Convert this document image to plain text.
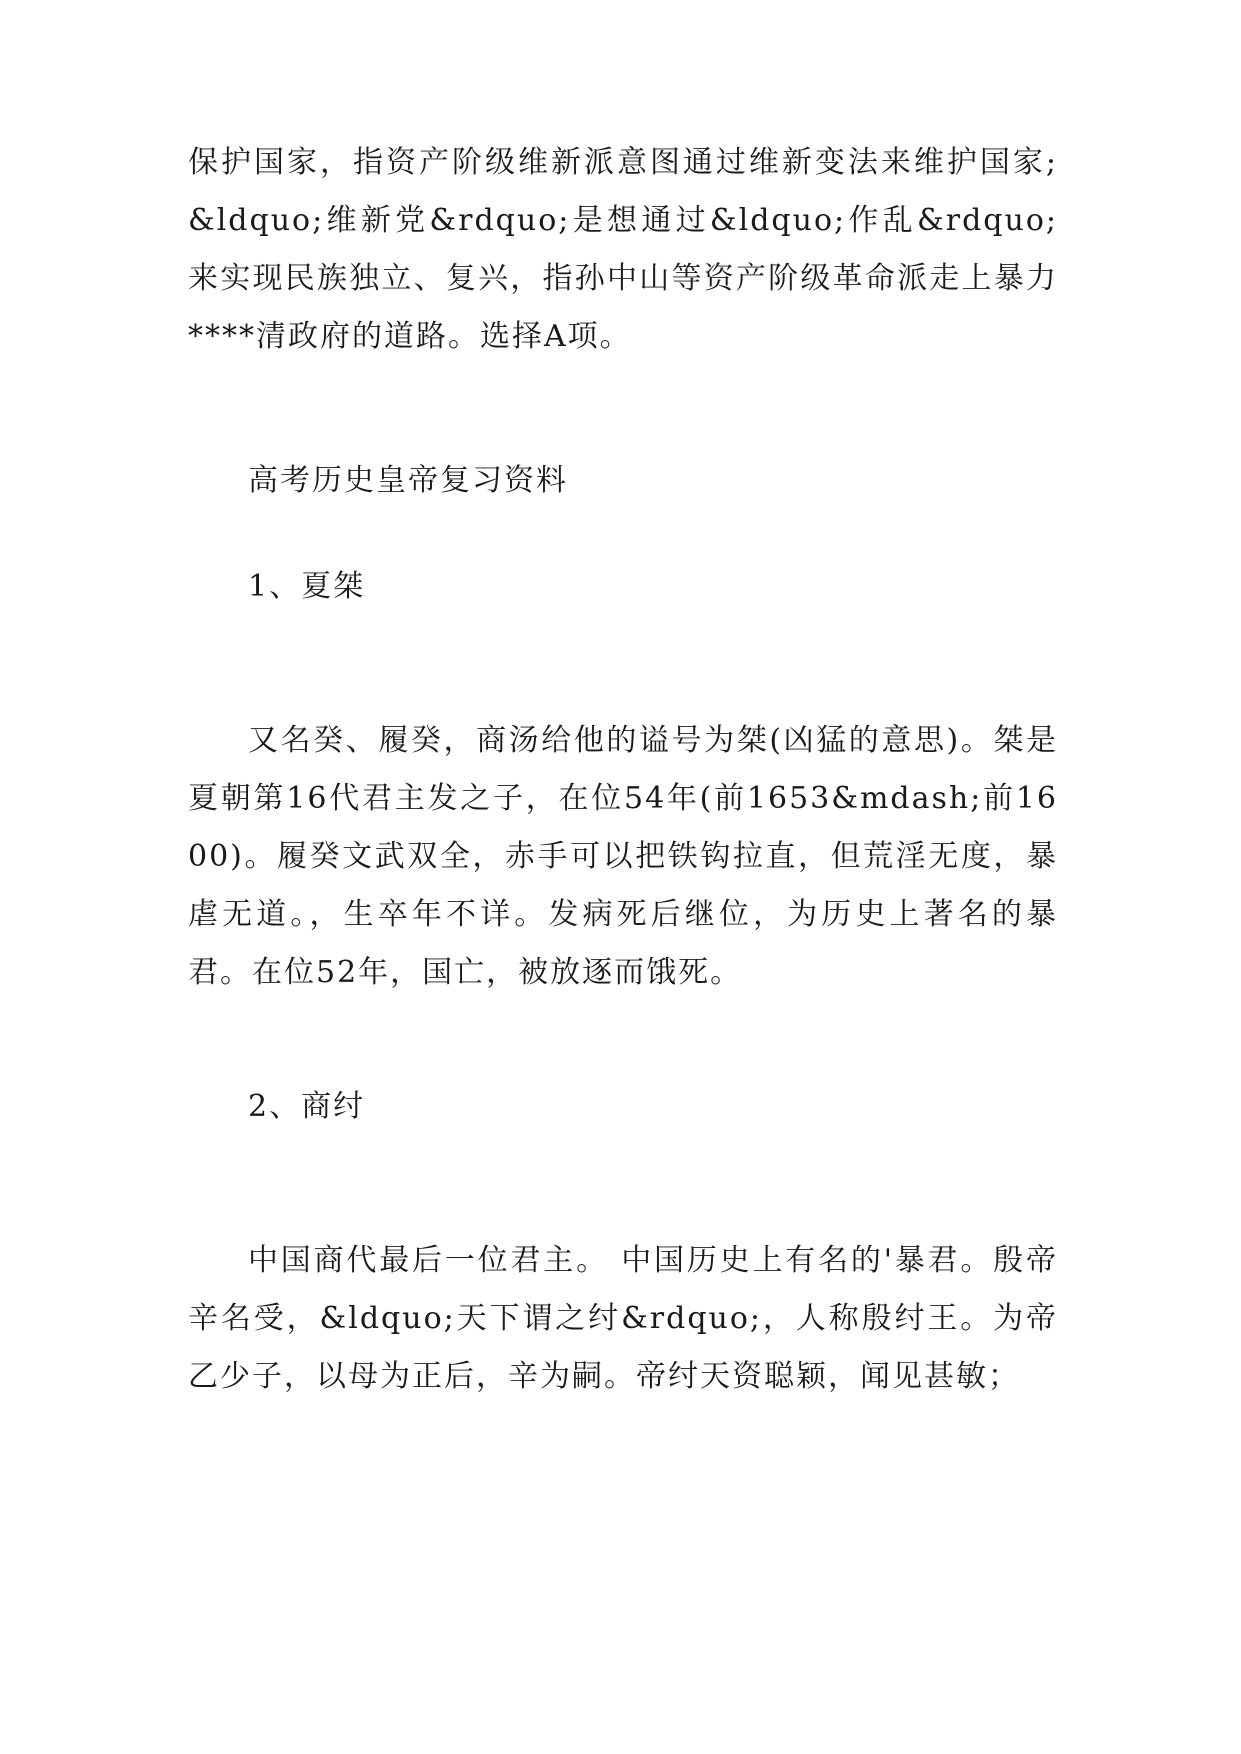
保护国家，指资产阶级维新派意图通过维新变法来维护国家;&ldquo;维新党&rdquo;是想通过&ldquo;作乱&rdquo;来实现民族独立、复兴，指孙中山等资产阶级革命派走上暴力****清政府的道路。选择A项。

高考历史皇帝复习资料

1、夏桀

又名癸、履癸，商汤给他的谥号为桀(凶猛的意思)。桀是夏朝第16代君主发之子，在位54年(前1653&mdash;前1600)。履癸文武双全，赤手可以把铁钩拉直，但荒淫无度，暴虐无道。，生卒年不详。发病死后继位，为历史上著名的暴君。在位52年，国亡，被放逐而饿死。

2、商纣

中国商代最后一位君主。 中国历史上有名的'暴君。殷帝辛名受，&ldquo;天下谓之纣&rdquo;，人称殷纣王。为帝乙少子，以母为正后，辛为嗣。帝纣天资聪颖，闻见甚敏；
